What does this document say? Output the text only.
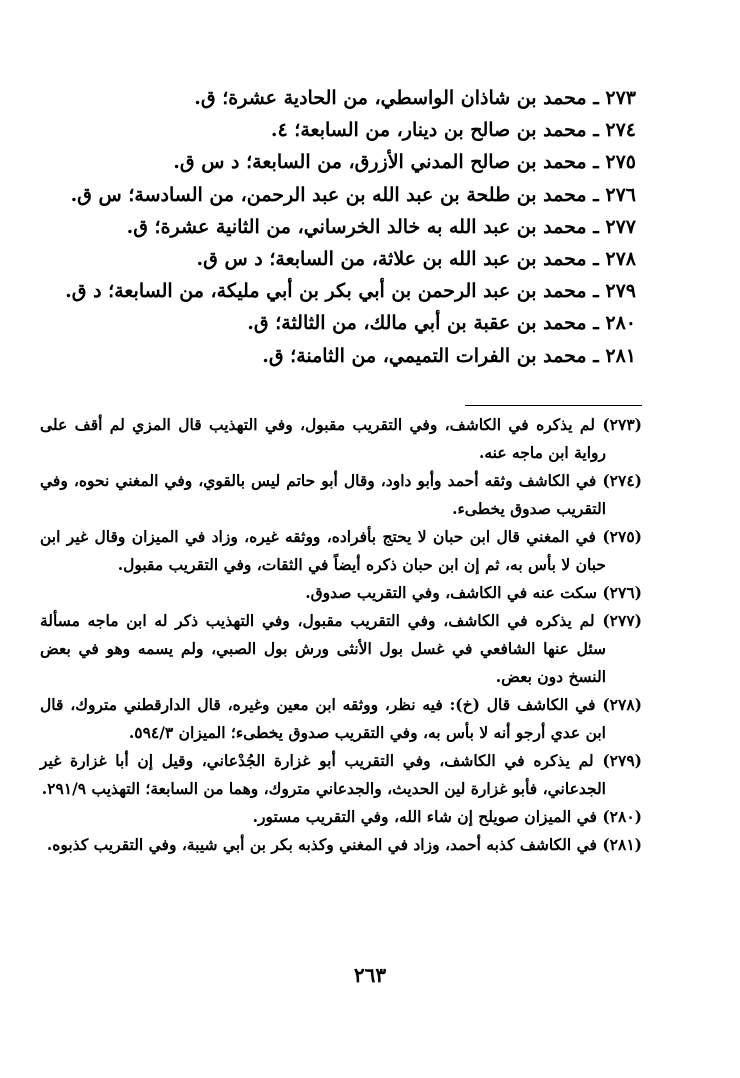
٢٧٣ ـ محمد بن شاذان الواسطي، من الحادية عشرة؛ ق.
٢٧٤ ـ محمد بن صالح بن دينار، من السابعة؛ ٤.
٢٧٥ ـ محمد بن صالح المدني الأزرق، من السابعة؛ د س ق.
٢٧٦ ـ محمد بن طلحة بن عبد الله بن عبد الرحمن، من السادسة؛ س ق.
٢٧٧ ـ محمد بن عبد الله به خالد الخرساني، من الثانية عشرة؛ ق.
٢٧٨ ـ محمد بن عبد الله بن علاثة، من السابعة؛ د س ق.
٢٧٩ ـ محمد بن عبد الرحمن بن أبي بكر بن أبي مليكة، من السابعة؛ د ق.
٢٨٠ ـ محمد بن عقبة بن أبي مالك، من الثالثة؛ ق.
٢٨١ ـ محمد بن الفرات التميمي، من الثامنة؛ ق.

(٢٧٣) لم يذكره في الكاشف، وفي التقريب مقبول، وفي التهذيب قال المزي لم أقف على رواية ابن ماجه عنه.

(٢٧٤) في الكاشف وثقه أحمد وأبو داود، وقال أبو حاتم ليس بالقوي، وفي المغني نحوه، وفي التقريب صدوق يخطىء.

(٢٧٥) في المغني قال ابن حبان لا يحتج بأفراده، ووثقه غيره، وزاد في الميزان وقال غير ابن حبان لا بأس به، ثم إن ابن حبان ذكره أيضاً في الثقات، وفي التقريب مقبول.

(٢٧٦) سكت عنه في الكاشف، وفي التقريب صدوق.

(٢٧٧) لم يذكره في الكاشف، وفي التقريب مقبول، وفي التهذيب ذكر له ابن ماجه مسألة سئل عنها الشافعي في غسل بول الأنثى ورش بول الصبي، ولم يسمه وهو في بعض النسخ دون بعض.

(٢٧٨) في الكاشف قال (خ): فيه نظر، ووثقه ابن معين وغيره، قال الدارقطني متروك، قال ابن عدي أرجو أنه لا بأس به، وفي التقريب صدوق يخطىء؛ الميزان ٥٩٤/٣.

(٢٧٩) لم يذكره في الكاشف، وفي التقريب أبو غزارة الجُدْعاني، وقيل إن أبا غزارة غير الجدعاني، فأبو غزارة لين الحديث، والجدعاني متروك، وهما من السابعة؛ التهذيب ٢٩١/٩.

(٢٨٠) في الميزان صويلح إن شاء الله، وفي التقريب مستور.

(٢٨١) في الكاشف كذبه أحمد، وزاد في المغني وكذبه بكر بن أبي شيبة، وفي التقريب كذبوه.

٢٦٣
